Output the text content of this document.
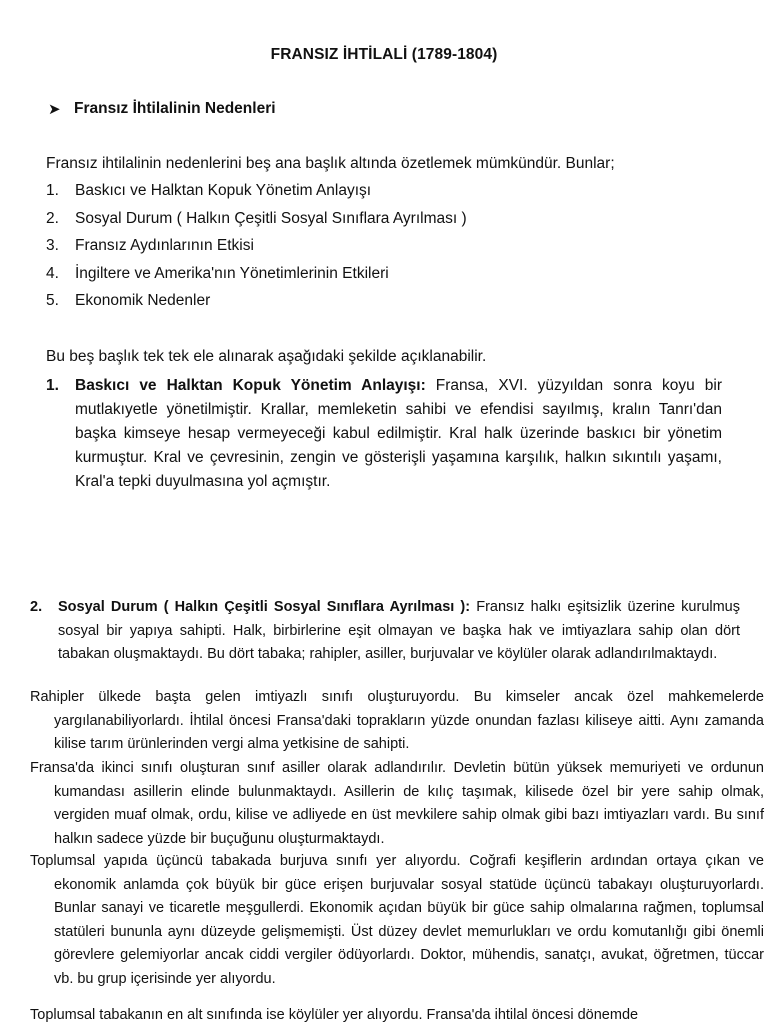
FRANSIZ İHTİLALİ (1789-1804)
➤ Fransız İhtilalinin Nedenleri
Fransız ihtilalinin nedenlerini beş ana başlık altında özetlemek mümkündür. Bunlar;
1.	Baskıcı ve Halktan Kopuk Yönetim Anlayışı
2.	Sosyal Durum ( Halkın Çeşitli Sosyal Sınıflara Ayrılması )
3.	Fransız Aydınlarının Etkisi
4.	İngiltere ve Amerika'nın Yönetimlerinin Etkileri
5.	Ekonomik Nedenler
Bu beş başlık tek tek ele alınarak aşağıdaki şekilde açıklanabilir.
1. Baskıcı ve Halktan Kopuk Yönetim Anlayışı: Fransa, XVI. yüzyıldan sonra koyu bir mutlakıyetle yönetilmiştir. Krallar, memleketin sahibi ve efendisi sayılmış, kralın Tanrı'dan başka kimseye hesap vermeyeceği kabul edilmiştir. Kral halk üzerinde baskıcı bir yönetim kurmuştur. Kral ve çevresinin, zengin ve gösterişli yaşamına karşılık, halkın sıkıntılı yaşamı, Kral'a tepki duyulmasına yol açmıştır.
2. Sosyal Durum ( Halkın Çeşitli Sosyal Sınıflara Ayrılması ): Fransız halkı eşitsizlik üzerine kurulmuş sosyal bir yapıya sahipti. Halk, birbirlerine eşit olmayan ve başka hak ve imtiyazlara sahip olan dört tabakan oluşmaktaydı. Bu dört tabaka; rahipler, asiller, burjuvalar ve köylüler olarak adlandırılmaktaydı.
Rahipler ülkede başta gelen imtiyazlı sınıfı oluşturuyordu. Bu kimseler ancak özel mahkemelerde yargılanabiliyorlardı. İhtilal öncesi Fransa'daki toprakların yüzde onundan fazlası kiliseye aitti. Aynı zamanda kilise tarım ürünlerinden vergi alma yetkisine de sahipti.
Fransa'da ikinci sınıfı oluşturan sınıf asiller olarak adlandırılır. Devletin bütün yüksek memuriyeti ve ordunun kumandası asillerin elinde bulunmaktaydı. Asillerin de kılıç taşımak, kilisede özel bir yere sahip olmak, vergiden muaf olmak, ordu, kilise ve adliyede en üst mevkilere sahip olmak gibi bazı imtiyazları vardı. Bu sınıf halkın sadece yüzde bir buçuğunu oluşturmaktaydı.
Toplumsal yapıda üçüncü tabakada burjuva sınıfı yer alıyordu. Coğrafi keşiflerin ardından ortaya çıkan ve ekonomik anlamda çok büyük bir güce erişen burjuvalar sosyal statüde üçüncü tabakayı oluşturuyorlardı. Bunlar sanayi ve ticaretle meşgullerdi. Ekonomik açıdan büyük bir güce sahip olmalarına rağmen, toplumsal statüleri bununla aynı düzeyde gelişmemişti. Üst düzey devlet memurlukları ve ordu komutanlığı gibi önemli görevlere gelemiyorlar ancak ciddi vergiler ödüyorlardı. Doktor, mühendis, sanatçı, avukat, öğretmen, tüccar vb. bu grup içerisinde yer alıyordu.
Toplumsal tabakanın en alt sınıfında ise köylüler yer alıyordu. Fransa'da ihtilal öncesi dönemde
